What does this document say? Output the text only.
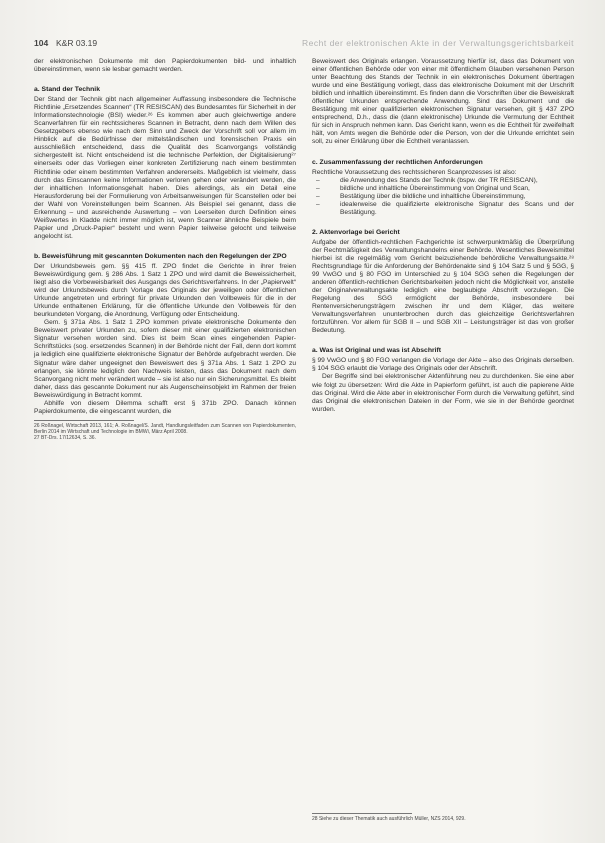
104 K&R 03.19	Recht der elektronischen Akte in der Verwaltungsgerichtsbarkeit

der elektronischen Dokumente mit den Papierdokumenten bild- und inhaltlich übereinstimmen, wenn sie lesbar gemacht werden.

a. Stand der Technik

Der Stand der Technik gibt nach allgemeiner Auffassung insbesondere die Technische Richtlinie „Ersetzendes Scannen“ (TR RESISCAN) des Bundesamtes für Sicherheit in der Informationstechnologie (BSI) wieder.²⁶ Es kommen aber auch gleichwertige andere Scanverfahren für ein rechtssicheres Scannen in Betracht, denn nach dem Willen des Gesetzgebers ebenso wie nach dem Sinn und Zweck der Vorschrift soll vor allem im Hinblick auf die Bedürfnisse der mittelständischen und forensischen Praxis ein ausschließlich entscheidend, dass die Qualität des Scanvorgangs vollständig sichergestellt ist. Nicht entscheidend ist die technische Perfektion, der Digitalisierung²⁷ einerseits oder das Vorliegen einer konkreten Zertifizierung nach einem bestimmten Richtlinie oder einem bestimmten Verfahren andererseits. Maßgeblich ist vielmehr, dass durch das Einscannen keine Informationen verloren gehen oder verändert werden, die der inhaltlichen Informationsgehalt haben. Dies allerdings, als ein Detail eine Herausforderung bei der Formulierung von Arbeitsanweisungen für Scanstellen oder bei der Wahl von Voreinstellungen beim Scannen. Als Beispiel sei genannt, dass die Erkennung – und ausreichende Auswertung – von Leerseiten durch Definition eines Weißwertes in Kladde nicht immer möglich ist, wenn Scanner ähnliche Beispiele beim Papier und „Druck-Papier“ besteht und wenn Papier teilweise gelocht und teilweise angelocht ist.

b. Beweisführung mit gescannten Dokumenten nach den Regelungen der ZPO

Der Urkundsbeweis gem. §§ 415 ff. ZPO findet die Gerichte in ihrer freien Beweiswürdigung gem. § 286 Abs. 1 Satz 1 ZPO und wird damit die Beweissicherheit, liegt also die Vorbeweisbarkeit des Ausgangs des Gerichtsverfahrens. In der „Papierwelt“ wird der Urkundsbeweis durch Vorlage des Originals der jeweiligen oder öffentlichen Urkunde angetreten und erbringt für private Urkunden den Vollbeweis für die in der Urkunde enthaltenen Erklärung, für die öffentliche Urkunde den Vollbeweis für den beurkundeten Vorgang, die Anordnung, Verfügung oder Entscheidung.

Gem. § 371a Abs. 1 Satz 1 ZPO kommen private elektronische Dokumente den Beweiswert privater Urkunden zu, sofern dieser mit einer qualifizierten elektronischen Signatur versehen worden sind. Dies ist beim Scan eines eingehenden Papier-Schriftstücks (sog. ersetzendes Scannen) in der Behörde nicht der Fall, denn dort kommt ja lediglich eine qualifizierte elektronische Signatur der Behörde aufgebracht werden. Die Signatur wäre daher ungeeignet den Beweiswert des § 371a Abs. 1 Satz 1 ZPO zu erlangen, sie könnte lediglich den Nachweis leisten, dass das Dokument nach dem Scanvorgang nicht mehr verändert wurde – sie ist also nur ein Sicherungsmittel. Es bleibt daher, dass das gescannte Dokument nur als Augenscheinsobjekt im Rahmen der freien Beweiswürdigung in Betracht kommt.

Abhilfe von diesem Dilemma schafft erst § 371b ZPO. Danach können Papierdokumente, die eingescannt wurden, die

26 Roßnagel, Wirtschaft 2013, 161; A. Roßnagel/S. Jandt, Handlungsleitfaden zum Scannen von Papierdokumenten, Berlin 2014 im Wirtschaft und Technologie im BMWi, März April 2008.

27 BT-Drs. 17/12634, S. 36.

Beweiswert des Originals erlangen. Voraussetzung hierfür ist, dass das Dokument von einer öffentlichen Behörde oder von einer mit öffentlichem Glauben versehenen Person unter Beachtung des Stands der Technik in ein elektronisches Dokument übertragen wurde und eine Bestätigung vorliegt, dass das elektronische Dokument mit der Urschrift bildlich und inhaltlich übereinstimmt. Es finden dann die Vorschriften über die Beweiskraft öffentlicher Urkunden entsprechende Anwendung. Sind das Dokument und die Bestätigung mit einer qualifizierten elektronischen Signatur versehen, gilt § 437 ZPO entsprechend, D.h., dass die (dann elektronische) Urkunde die Vermutung der Echtheit für sich in Anspruch nehmen kann. Das Gericht kann, wenn es die Echtheit für zweifelhaft hält, von Amts wegen die Behörde oder die Person, von der die Urkunde errichtet sein soll, zu einer Erklärung über die Echtheit veranlassen.

c. Zusammenfassung der rechtlichen Anforderungen

Rechtliche Voraussetzung des rechtssicheren Scanprozesses ist also:

– die Anwendung des Stands der Technik (bspw. der TR RESISCAN),
– bildliche und inhaltliche Übereinstimmung von Original und Scan,
– Bestätigung über die bildliche und inhaltliche Übereinstimmung,
– idealerweise die qualifizierte elektronische Signatur des Scans und der Bestätigung.
2. Aktenvorlage bei Gericht

Aufgabe der öffentlich-rechtlichen Fachgerichte ist schwerpunktmäßig die Überprüfung der Rechtmäßigkeit des Verwaltungshandelns einer Behörde. Wesentliches Beweismittel hierbei ist die regelmäßig vom Gericht beizuziehende behördliche Verwaltungsakte.²⁸ Rechtsgrundlage für die Anforderung der Behördenakte sind § 104 Satz 5 und § 5GG, § 99 VwGO und § 80 FGO im Unterschied zu § 104 SGG sehen die Regelungen der anderen öffentlich-rechtlichen Gerichtsbarkeiten jedoch nicht die Möglichkeit vor, anstelle der Originalverwaltungsakte lediglich eine beglaubigte Abschrift vorzulegen. Die Regelung des SGG ermöglicht der Behörde, insbesondere bei Rentenversicherungsträgern zwischen ihr und dem Kläger, das weitere Verwaltungsverfahren ununterbrochen durch das gleichzeitige Gerichtsverfahren fortzuführen. Vor allem für SGB II – und SGB XII – Leistungsträger ist das von großer Bedeutung.

a. Was ist Original und was ist Abschrift

§ 99 VwGO und § 80 FGO verlangen die Vorlage der Akte – also des Originals derselben. § 104 SGG erlaubt die Vorlage des Originals oder der Abschrift.

Der Begriffe sind bei elektronischer Aktenführung neu zu durchdenken. Sie eine aber wie folgt zu übersetzen: Wird die Akte in Papierform geführt, ist auch die papierene Akte das Original. Wird die Akte aber in elektronischer Form durch die Verwaltung geführt, sind das Original die elektronischen Dateien in der Form, wie sie in der Behörde geordnet wurden.

28 Siehe zu dieser Thematik auch ausführlich Müller, NZS 2014, 929.
